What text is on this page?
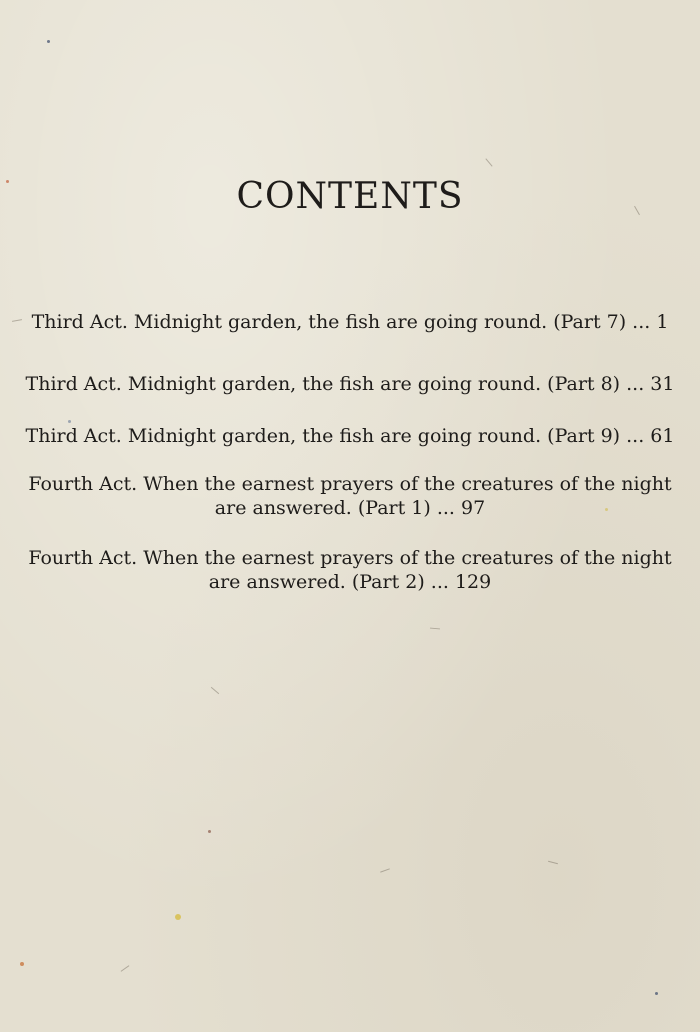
CONTENTS
Third Act. Midnight garden, the fish are going round. (Part 7) ... 1
Third Act. Midnight garden, the fish are going round. (Part 8) ... 31
Third Act. Midnight garden, the fish are going round. (Part 9) ... 61
Fourth Act. When the earnest prayers of the creatures of the night are answered. (Part 1) ... 97
Fourth Act. When the earnest prayers of the creatures of the night are answered. (Part 2) ... 129
